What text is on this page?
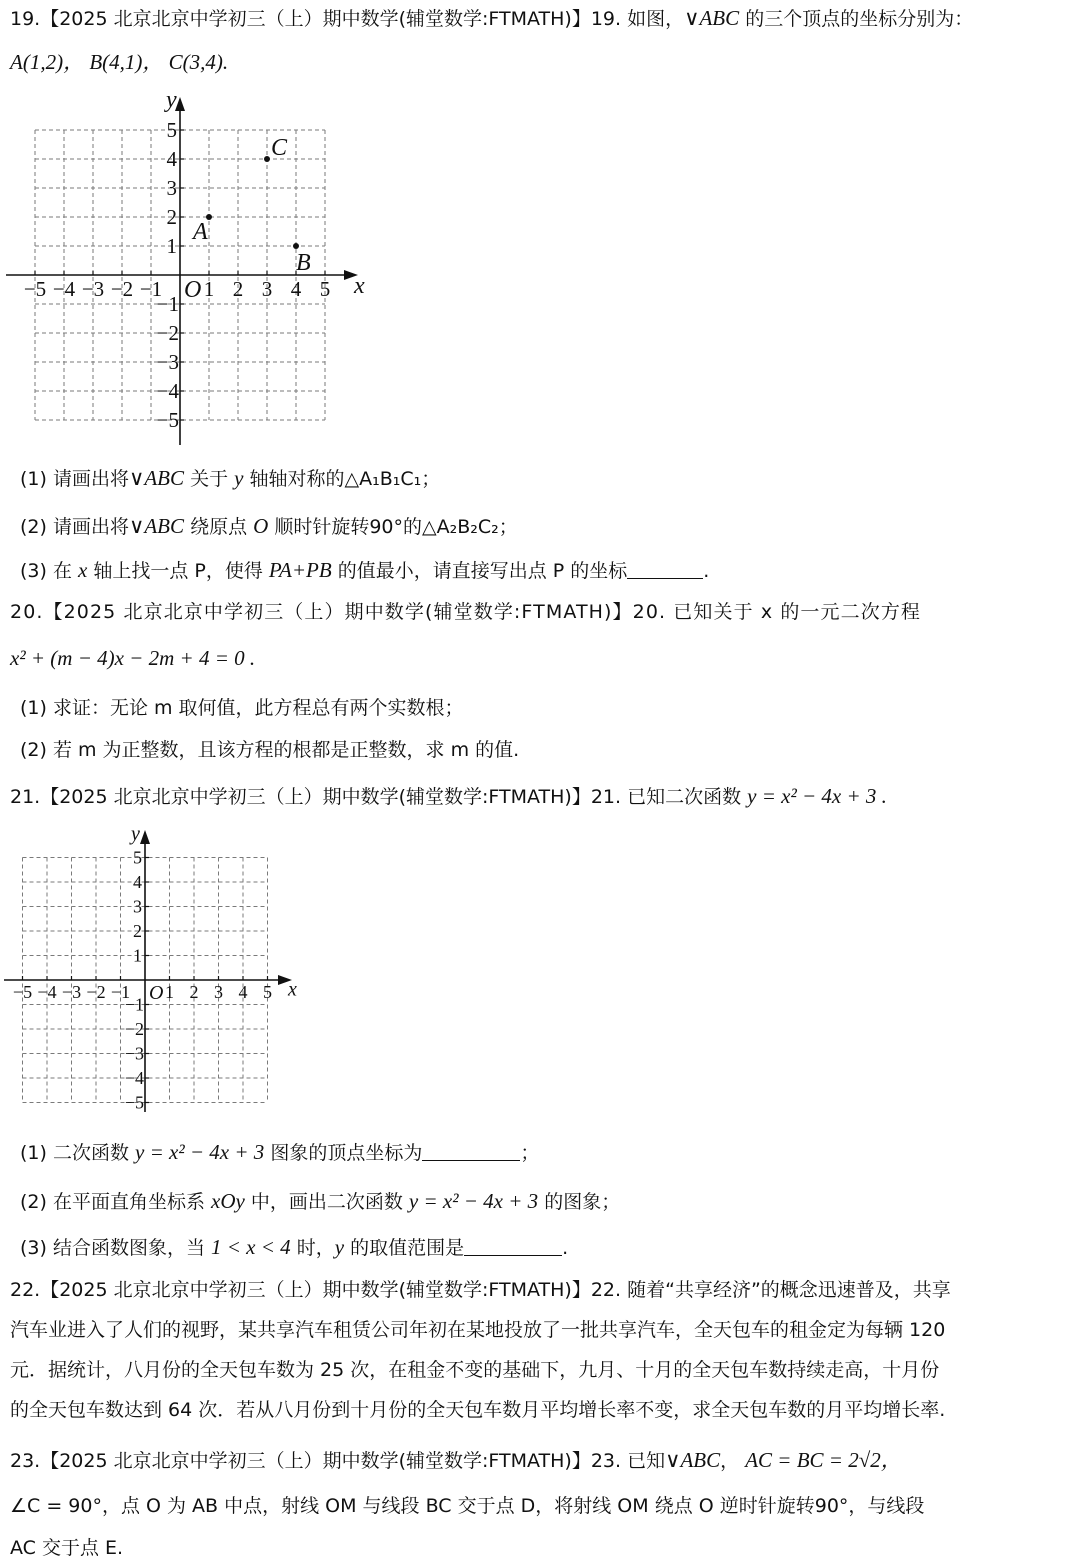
19.【2025 北京北京中学初三（上）期中数学(辅堂数学:FTMATH)】19. 如图，∨ABC 的三个顶点的坐标分别为：
A(1,2)， B(4,1)， C(3,4).
−5 −4 −3 −2 −1 1 2 3 4 5
1
2
3
4
5
−1
−2
−3
−4
−5
O	x
y
A
B
C
(1) 请画出将∨ABC 关于 y 轴轴对称的△A₁B₁C₁；
(2) 请画出将∨ABC 绕原点 O 顺时针旋转90°的△A₂B₂C₂；
(3) 在 x 轴上找一点 P，使得 PA+PB 的值最小，请直接写出点 P 的坐标	.
20.【2025 北京北京中学初三（上）期中数学(辅堂数学:FTMATH)】20. 已知关于 x 的一元二次方程
x² + (m − 4)x − 2m + 4 = 0 .
(1) 求证：无论 m 取何值，此方程总有两个实数根；
(2) 若 m 为正整数，且该方程的根都是正整数，求 m 的值.
21.【2025 北京北京中学初三（上）期中数学(辅堂数学:FTMATH)】21. 已知二次函数 y = x² − 4x + 3 .
−5 −4 −3 −2 −1 1 2 3 4 5
1
2
3
4
5
−1
−2
−3
−4
−5
O	x
y
(1) 二次函数 y = x² − 4x + 3 图象的顶点坐标为	；
(2) 在平面直角坐标系 xOy 中，画出二次函数 y = x² − 4x + 3 的图象；
(3) 结合函数图象，当 1 < x < 4 时，y 的取值范围是	.
22.【2025 北京北京中学初三（上）期中数学(辅堂数学:FTMATH)】22. 随着“共享经济”的概念迅速普及，共享
汽车业进入了人们的视野，某共享汽车租赁公司年初在某地投放了一批共享汽车，全天包车的租金定为每辆 120
元．据统计，八月份的全天包车数为 25 次，在租金不变的基础下，九月、十月的全天包车数持续走高，十月份
的全天包车数达到 64 次．若从八月份到十月份的全天包车数月平均增长率不变，求全天包车数的月平均增长率.
23.【2025 北京北京中学初三（上）期中数学(辅堂数学:FTMATH)】23. 已知∨ABC， AC = BC = 2√2，
∠C = 90°，点 O 为 AB 中点，射线 OM 与线段 BC 交于点 D，将射线 OM 绕点 O 逆时针旋转90°，与线段
AC 交于点 E.
